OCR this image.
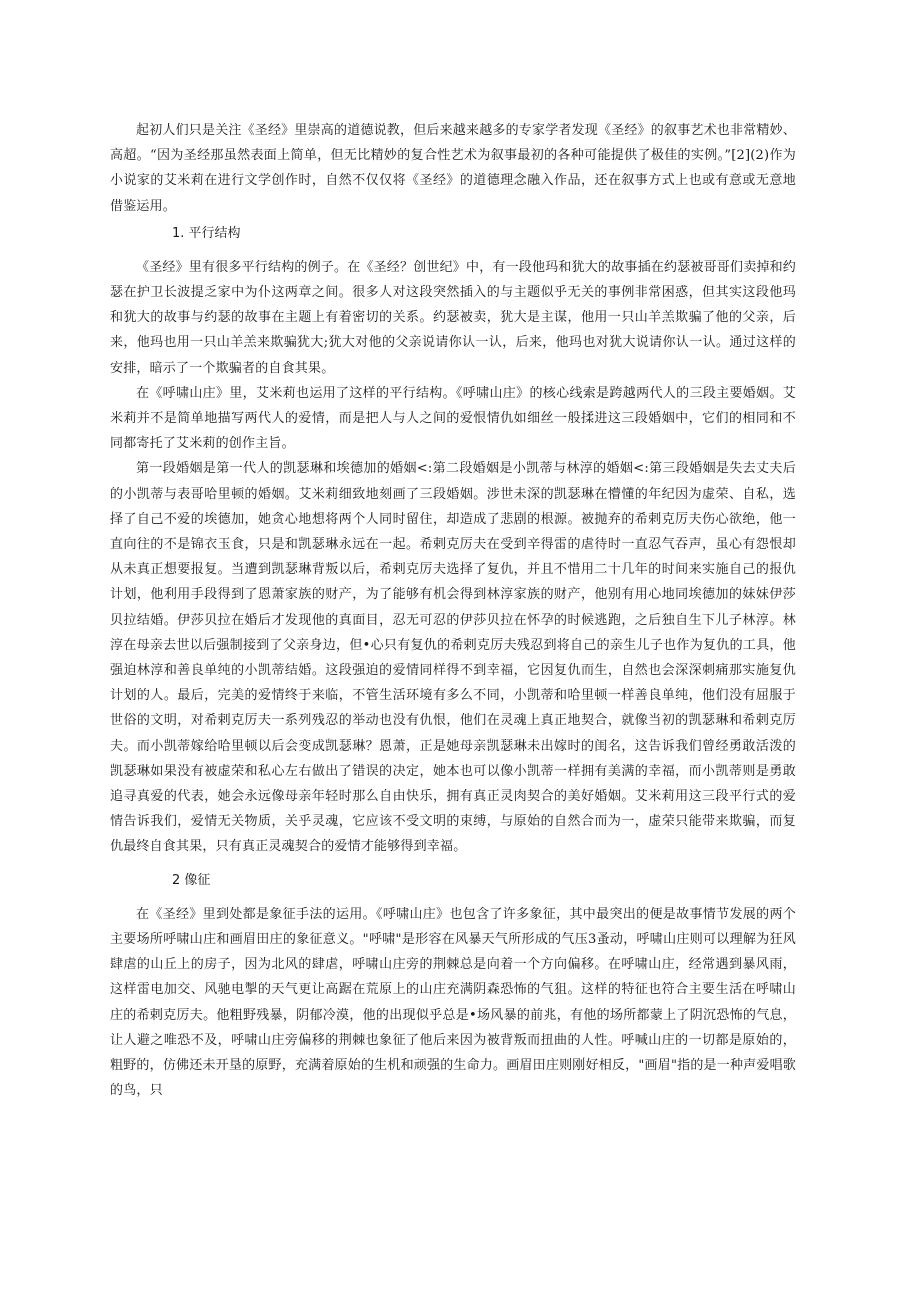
起初人们只是关注《圣经》里崇高的道德说教，但后来越来越多的专家学者发现《圣经》的叙事艺术也非常精妙、高超。“因为圣经那虽然表面上简单，但无比精妙的复合性艺术为叙事最初的各种可能提供了极佳的实例。”[2](2)作为小说家的艾米莉在进行文学创作时，自然不仅仅将《圣经》的道德理念融入作品，还在叙事方式上也或有意或无意地借鉴运用。

1. 平行结构

《圣经》里有很多平行结构的例子。在《圣经？创世纪》中，有一段他玛和犹大的故事插在约瑟被哥哥们卖掉和约瑟在护卫长波提乏家中为仆这两章之间。很多人对这段突然插入的与主题似乎无关的事例非常困惑，但其实这段他玛和犹大的故事与约瑟的故事在主题上有着密切的关系。约瑟被卖，犹大是主谋，他用一只山羊羔欺骗了他的父亲，后来，他玛也用一只山羊羔来欺骗犹大;犹大对他的父亲说请你认一认，后来，他玛也对犹大说请你认一认。通过这样的安排，暗示了一个欺骗者的自食其果。

在《呼啸山庄》里，艾米莉也运用了这样的平行结构。《呼啸山庄》的核心线索是跨越两代人的三段主要婚姻。艾米莉并不是简单地描写两代人的爱情，而是把人与人之间的爱恨情仇如细丝一般揉进这三段婚姻中，它们的相同和不同都寄托了艾米莉的创作主旨。

第一段婚姻是第一代人的凯瑟琳和埃德加的婚姻<:第二段婚姻是小凯蒂与林淳的婚姻<:第三段婚姻是失去丈夫后的小凯蒂与表哥哈里顿的婚姻。艾米莉细致地刻画了三段婚姻。涉世未深的凯瑟琳在懵懂的年纪因为虚荣、自私，选择了自己不爱的埃德加，她贪心地想将两个人同时留住，却造成了悲剧的根源。被抛弃的希剌克厉夫伤心欲绝，他一直向往的不是锦衣玉食，只是和凯瑟琳永远在一起。希剌克厉夫在受到辛得雷的虐待时一直忍气吞声，虽心有怨恨却从未真正想要报复。当遭到凯瑟琳背叛以后，希剌克厉夫选择了复仇，并且不惜用二十几年的时间来实施自己的报仇计划，他利用手段得到了恩萧家族的财产，为了能够有机会得到林淳家族的财产，他别有用心地同埃德加的妹妹伊莎贝拉结婚。伊莎贝拉在婚后才发现他的真面目，忍无可忍的伊莎贝拉在怀孕的时候逃跑，之后独自生下儿子林淳。林淳在母亲去世以后强制接到了父亲身边，但•心只有复仇的希剌克厉夫残忍到将自己的亲生儿子也作为复仇的工具，他强迫林淳和善良单纯的小凯蒂结婚。这段强迫的爱情同样得不到幸福，它因复仇而生，自然也会深深刺痛那实施复仇计划的人。最后，完美的爱情终于来临，不管生活环境有多么不同，小凯蒂和哈里顿一样善良单纯，他们没有屈服于世俗的文明，对希剌克厉夫一系列残忍的举动也没有仇恨，他们在灵魂上真正地契合，就像当初的凯瑟琳和希剌克厉夫。而小凯蒂嫁给哈里顿以后会变成凯瑟琳？恩萧，正是她母亲凯瑟琳未出嫁时的闺名，这告诉我们曾经勇敢活泼的凯瑟琳如果没有被虚荣和私心左右做出了错误的决定，她本也可以像小凯蒂一样拥有美满的幸福，而小凯蒂则是勇敢追寻真爱的代表，她会永远像母亲年轻时那么自由快乐，拥有真正灵肉契合的美好婚姻。艾米莉用这三段平行式的爱情告诉我们，爱情无关物质，关乎灵魂，它应该不受文明的束缚，与原始的自然合而为一，虚荣只能带来欺骗，而复仇最终自食其果，只有真正灵魂契合的爱情才能够得到幸福。

2 像征

在《圣经》里到处都是象征手法的运用。《呼啸山庄》也包含了许多象征，其中最突出的便是故事情节发展的两个主要场所呼啸山庄和画眉田庄的象征意义。"呼啸"是形容在风暴天气所形成的气压3蚤动，呼啸山庄则可以理解为狂风肆虐的山丘上的房子，因为北风的肆虐，呼啸山庄旁的荆棘总是向着一个方向偏移。在呼啸山庄，经常遇到暴风雨，这样雷电加交、风驰电掣的天气更让高踞在荒原上的山庄充满阴森恐怖的气狙。这样的特征也符合主要生活在呼啸山庄的希剌克厉夫。他粗野残暴，阴郁冷漠，他的出现似乎总是•场风暴的前兆，有他的场所都蒙上了阴沉恐怖的气息，让人避之唯恐不及，呼啸山庄旁偏移的荆棘也象征了他后来因为被背叛而扭曲的人性。呼喊山庄的一切都是原始的，粗野的，仿佛还未开垦的原野，充满着原始的生机和顽强的生命力。画眉田庄则刚好相反，"画眉"指的是一种声爱唱歌的鸟，只
